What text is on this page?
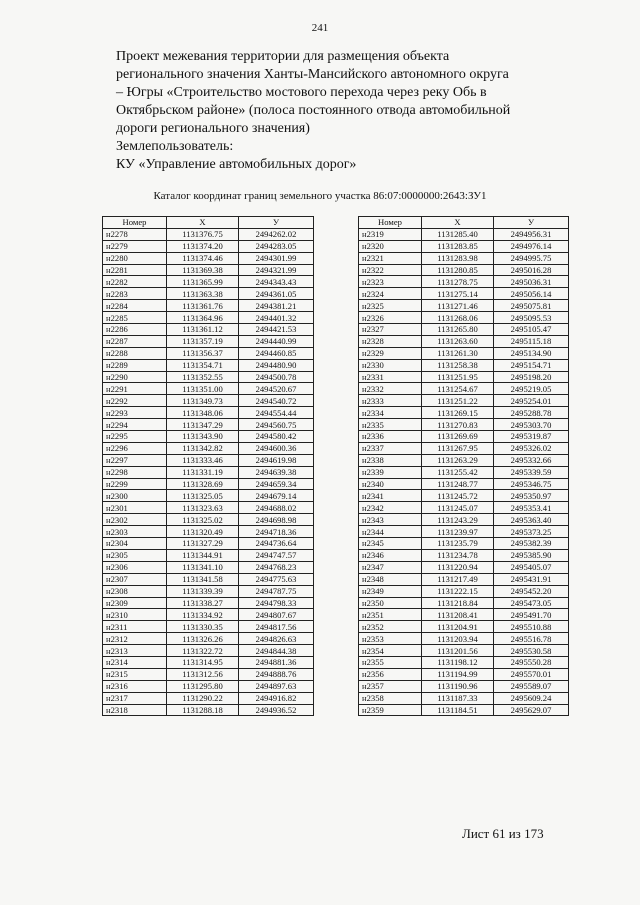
241
Проект межевания территории для размещения объекта
регионального значения Ханты-Мансийского автономного округа
– Югры «Строительство мостового перехода через реку Обь в
Октябрьском районе» (полоса постоянного отвода автомобильной
дороги регионального значения)
Землепользователь:
КУ «Управление автомобильных дорог»
Каталог координат границ земельного участка 86:07:0000000:2643:ЗУ1
Номер	X	У
н2278	1131376.75	2494262.02
н2279	1131374.20	2494283.05
н2280	1131374.46	2494301.99
н2281	1131369.38	2494321.99
н2282	1131365.99	2494343.43
н2283	1131363.38	2494361.05
н2284	1131361.76	2494381.21
н2285	1131364.96	2494401.32
н2286	1131361.12	2494421.53
н2287	1131357.19	2494440.99
н2288	1131356.37	2494460.85
н2289	1131354.71	2494480.90
н2290	1131352.55	2494500.78
н2291	1131351.00	2494520.67
н2292	1131349.73	2494540.72
н2293	1131348.06	2494554.44
н2294	1131347.29	2494560.75
н2295	1131343.90	2494580.42
н2296	1131342.82	2494600.36
н2297	1131333.46	2494619.98
н2298	1131331.19	2494639.38
н2299	1131328.69	2494659.34
н2300	1131325.05	2494679.14
н2301	1131323.63	2494688.02
н2302	1131325.02	2494698.98
н2303	1131320.49	2494718.36
н2304	1131327.29	2494736.64
н2305	1131344.91	2494747.57
н2306	1131341.10	2494768.23
н2307	1131341.58	2494775.63
н2308	1131339.39	2494787.75
н2309	1131338.27	2494798.33
н2310	1131334.92	2494807.67
н2311	1131330.35	2494817.56
н2312	1131326.26	2494826.63
н2313	1131322.72	2494844.38
н2314	1131314.95	2494881.36
н2315	1131312.56	2494888.76
н2316	1131295.80	2494897.63
н2317	1131290.22	2494916.82
н2318	1131288.18	2494936.52
Номер	X	У
н2319	1131285.40	2494956.31
н2320	1131283.85	2494976.14
н2321	1131283.98	2494995.75
н2322	1131280.85	2495016.28
н2323	1131278.75	2495036.31
н2324	1131275.14	2495056.14
н2325	1131271.46	2495075.81
н2326	1131268.06	2495095.53
н2327	1131265.80	2495105.47
н2328	1131263.60	2495115.18
н2329	1131261.30	2495134.90
н2330	1131258.38	2495154.71
н2331	1131251.95	2495198.20
н2332	1131254.67	2495219.05
н2333	1131251.22	2495254.01
н2334	1131269.15	2495288.78
н2335	1131270.83	2495303.70
н2336	1131269.69	2495319.87
н2337	1131267.95	2495326.02
н2338	1131263.29	2495332.66
н2339	1131255.42	2495339.59
н2340	1131248.77	2495346.75
н2341	1131245.72	2495350.97
н2342	1131245.07	2495353.41
н2343	1131243.29	2495363.40
н2344	1131239.97	2495373.25
н2345	1131235.79	2495382.39
н2346	1131234.78	2495385.90
н2347	1131220.94	2495405.07
н2348	1131217.49	2495431.91
н2349	1131222.15	2495452.20
н2350	1131218.84	2495473.05
н2351	1131208.41	2495491.70
н2352	1131204.91	2495510.88
н2353	1131203.94	2495516.78
н2354	1131201.56	2495530.58
н2355	1131198.12	2495550.28
н2356	1131194.99	2495570.01
н2357	1131190.96	2495589.07
н2358	1131187.33	2495609.24
н2359	1131184.51	2495629.07
Лист 61 из 173
